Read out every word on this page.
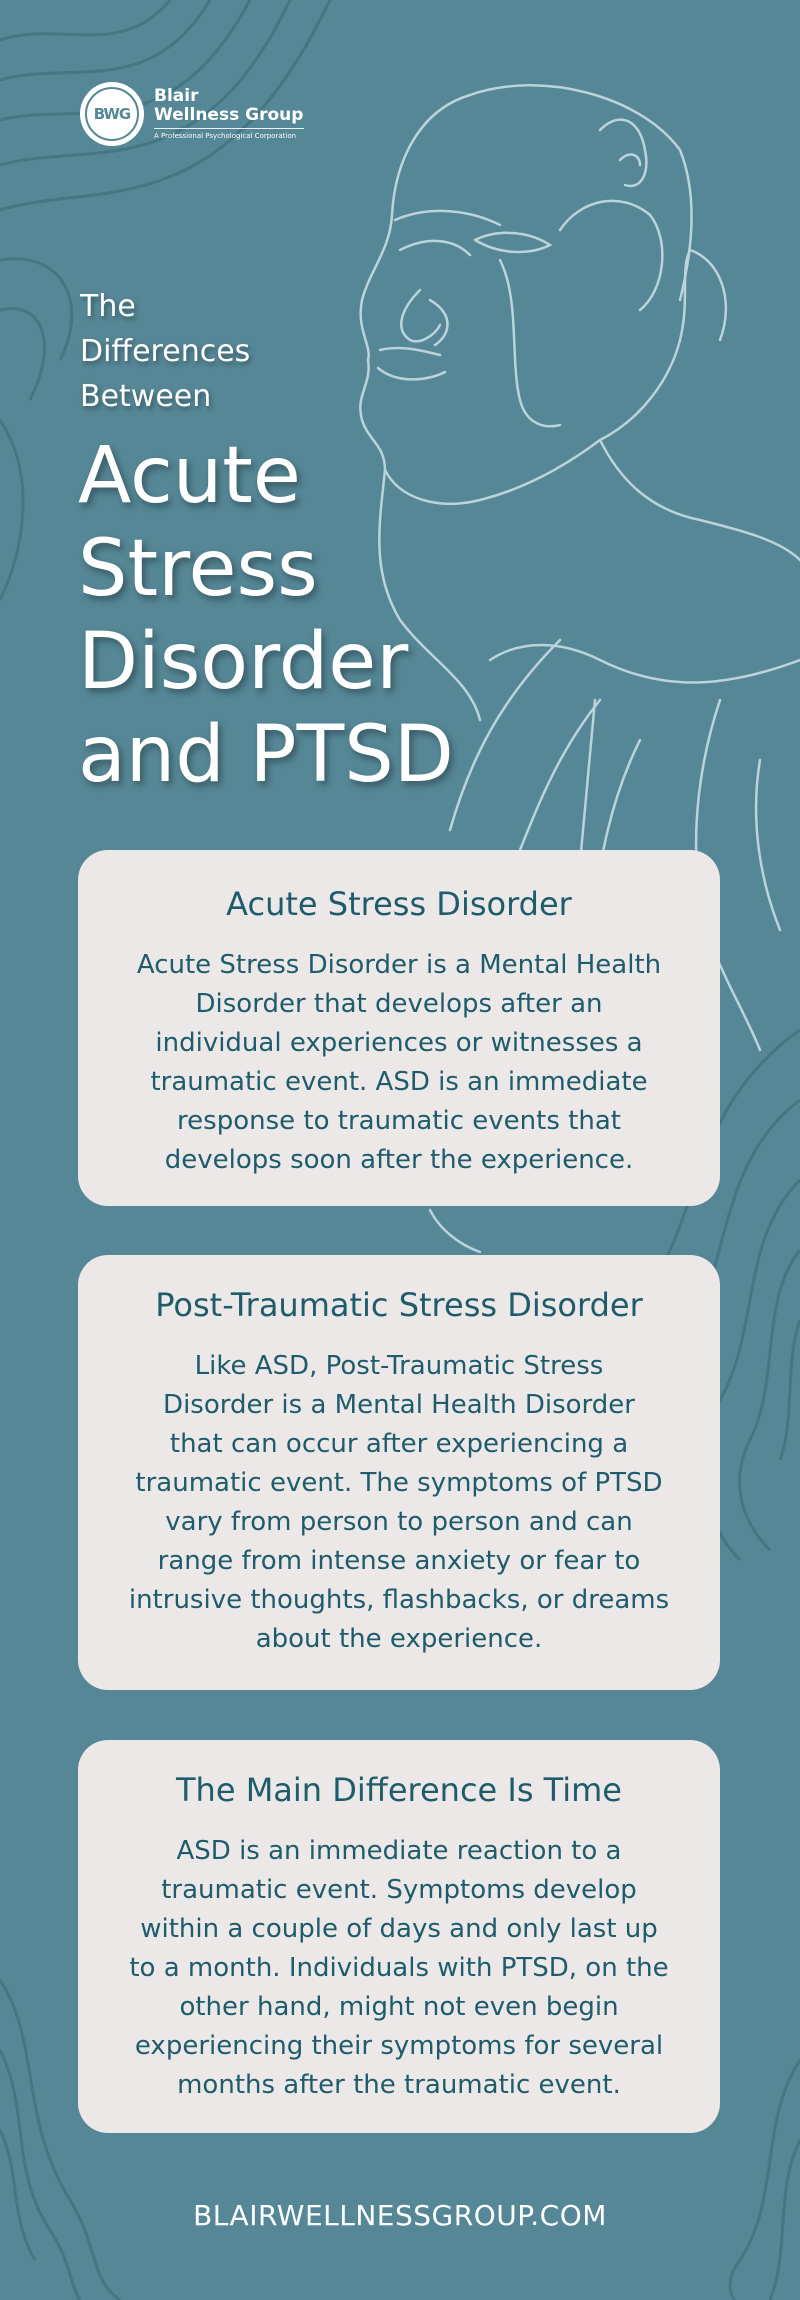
BWG
Blair
Wellness Group
A Professional Psychological Corporation
The
Differences
Between
Acute
Stress
Disorder
and PTSD
Acute Stress Disorder

Acute Stress Disorder is a Mental Health
Disorder that develops after an
individual experiences or witnesses a
traumatic event. ASD is an immediate
response to traumatic events that
develops soon after the experience.

Post-Traumatic Stress Disorder

Like ASD, Post-Traumatic Stress
Disorder is a Mental Health Disorder
that can occur after experiencing a
traumatic event. The symptoms of PTSD
vary from person to person and can
range from intense anxiety or fear to
intrusive thoughts, flashbacks, or dreams
about the experience.

The Main Difference Is Time

ASD is an immediate reaction to a
traumatic event. Symptoms develop
within a couple of days and only last up
to a month. Individuals with PTSD, on the
other hand, might not even begin
experiencing their symptoms for several
months after the traumatic event.

BLAIRWELLNESSGROUP.COM
